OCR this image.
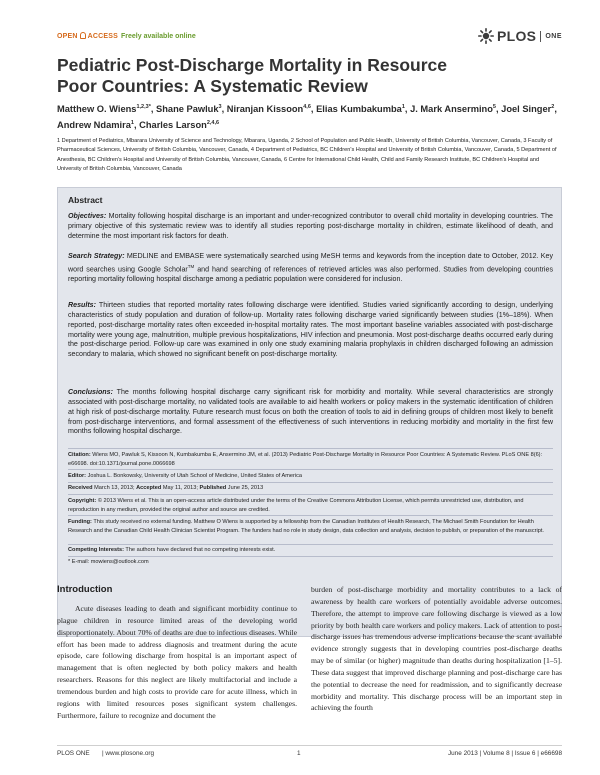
OPEN ACCESS Freely available online	PLOS ONE
Pediatric Post-Discharge Mortality in Resource Poor Countries: A Systematic Review
Matthew O. Wiens$^{1,2,3*}$, Shane Pawluk$^3$, Niranjan Kissoon$^{4,6}$, Elias Kumbakumba$^1$, J. Mark Ansermino$^5$, Joel Singer$^2$, Andrew Ndamira$^1$, Charles Larson$^{2,4,6}$
1 Department of Pediatrics, Mbarara University of Science and Technology, Mbarara, Uganda, 2 School of Population and Public Health, University of British Columbia, Vancouver, Canada, 3 Faculty of Pharmaceutical Sciences, University of British Columbia, Vancouver, Canada, 4 Department of Pediatrics, BC Children's Hospital and University of British Columbia, Vancouver, Canada, 5 Department of Anesthesia, BC Children's Hospital and University of British Columbia, Vancouver, Canada, 6 Centre for International Child Health, Child and Family Research Institute, BC Children's Hospital and University of British Columbia, Vancouver, Canada
Abstract

Objectives: Mortality following hospital discharge is an important and under-recognized contributor to overall child mortality in developing countries. The primary objective of this systematic review was to identify all studies reporting post-discharge mortality in children, estimate likelihood of death, and determine the most important risk factors for death.

Search Strategy: MEDLINE and EMBASE were systematically searched using MeSH terms and keywords from the inception date to October, 2012. Key word searches using Google Scholar™ and hand searching of references of retrieved articles was also performed. Studies from developing countries reporting mortality following hospital discharge among a pediatric population were considered for inclusion.

Results: Thirteen studies that reported mortality rates following discharge were identified. Studies varied significantly according to design, underlying characteristics of study population and duration of follow-up. Mortality rates following discharge varied significantly between studies (1%–18%). When reported, post-discharge mortality rates often exceeded in-hospital mortality rates. The most important baseline variables associated with post-discharge mortality were young age, malnutrition, multiple previous hospitalizations, HIV infection and pneumonia. Most post-discharge deaths occurred early during the post-discharge period. Follow-up care was examined in only one study examining malaria prophylaxis in children discharged following an admission secondary to malaria, which showed no significant benefit on post-discharge mortality.

Conclusions: The months following hospital discharge carry significant risk for morbidity and mortality. While several characteristics are strongly associated with post-discharge mortality, no validated tools are available to aid health workers or policy makers in the systematic identification of children at high risk of post-discharge mortality. Future research must focus on both the creation of tools to aid in defining groups of children most likely to benefit from post-discharge interventions, and formal assessment of the effectiveness of such interventions in reducing morbidity and mortality in the first few months following hospital discharge.

Citation: Wiens MO, Pawluk S, Kissoon N, Kumbakumba E, Ansermino JM, et al. (2013) Pediatric Post-Discharge Mortality in Resource Poor Countries: A Systematic Review. PLoS ONE 8(6): e66698. doi:10.1371/journal.pone.0066698
Editor: Joshua L. Bonkowsky, University of Utah School of Medicine, United States of America
Received March 13, 2013; Accepted May 11, 2013; Published June 25, 2013
Copyright: © 2013 Wiens et al. This is an open-access article distributed under the terms of the Creative Commons Attribution License, which permits unrestricted use, distribution, and reproduction in any medium, provided the original author and source are credited.
Funding: This study received no external funding. Matthew O Wiens is supported by a fellowship from the Canadian Institutes of Health Research, The Michael Smith Foundation for Health Research and the Canadian Child Health Clinician Scientist Program. The funders had no role in study design, data collection and analysis, decision to publish, or preparation of the manuscript.
Competing Interests: The authors have declared that no competing interests exist.
* E-mail: mowiens@outlook.com
Introduction

Acute diseases leading to death and significant morbidity continue to plague children in resource limited areas of the developing world disproportionately. About 70% of deaths are due to infectious diseases. While effort has been made to address diagnosis and treatment during the acute episode, care following discharge from hospital is an important aspect of management that is often neglected by both policy makers and health researchers. Reasons for this neglect are likely multifactorial and include a tremendous burden and high costs to provide care for acute illness, which in regions with limited resources poses significant system challenges. Furthermore, failure to recognize and document the

burden of post-discharge morbidity and mortality contributes to a lack of awareness by health care workers of potentially avoidable adverse outcomes. Therefore, the attempt to improve care following discharge is viewed as a low priority by both health care workers and policy makers. Lack of attention to post-discharge issues has tremendous adverse implications because the scant available evidence strongly suggests that in developing countries post-discharge deaths may be of similar (or higher) magnitude than deaths during hospitalization [1–5]. These data suggest that improved discharge planning and post-discharge care has the potential to decrease the need for readmission, and to significantly decrease morbidity and mortality. This discharge process will be an important step in achieving the fourth

PLOS ONE | www.plosone.org	1	June 2013 | Volume 8 | Issue 6 | e66698
